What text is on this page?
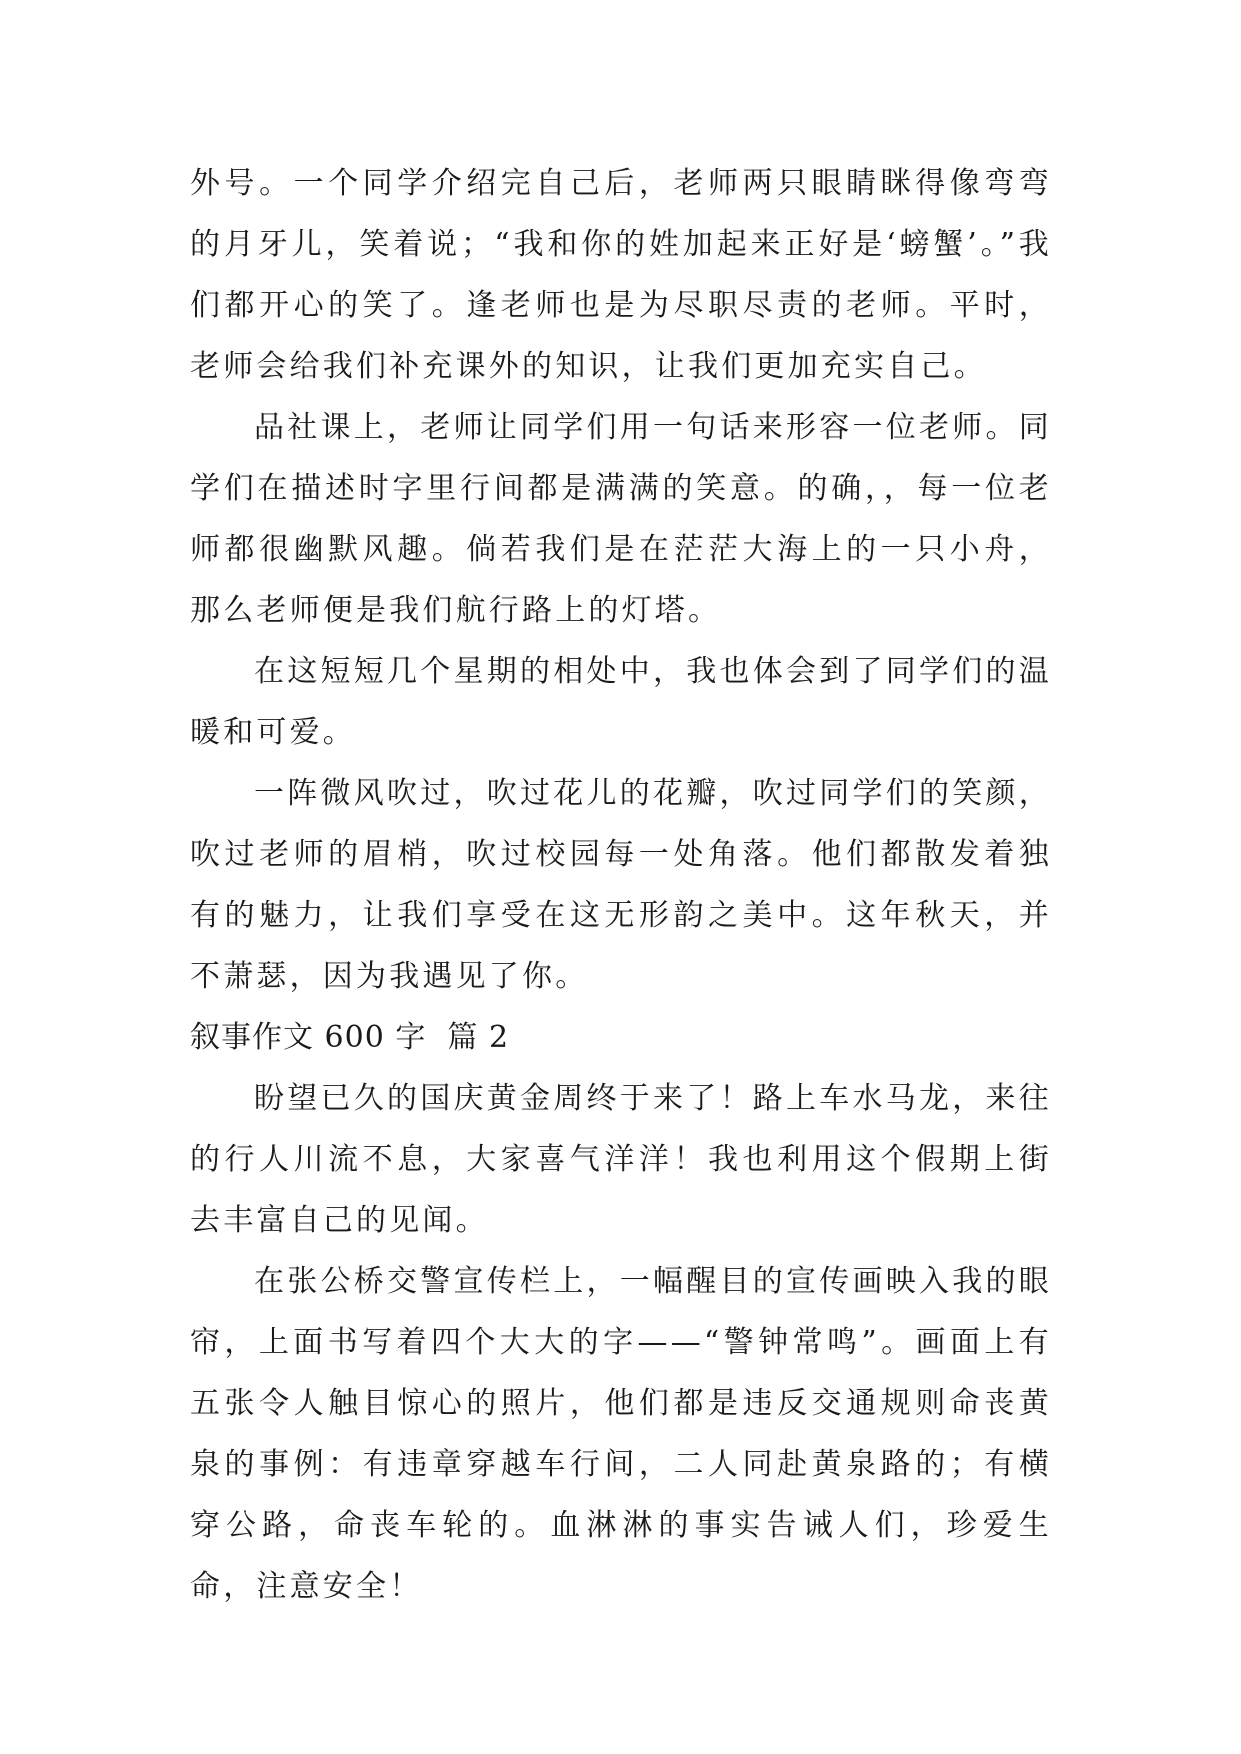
外号。一个同学介绍完自己后，老师两只眼睛眯得像弯弯的月牙儿，笑着说；“我和你的姓加起来正好是‘螃蟹’。”我们都开心的笑了。逢老师也是为尽职尽责的老师。平时，老师会给我们补充课外的知识，让我们更加充实自己。

品社课上，老师让同学们用一句话来形容一位老师。同学们在描述时字里行间都是满满的笑意。的确，，每一位老师都很幽默风趣。倘若我们是在茫茫大海上的一只小舟，那么老师便是我们航行路上的灯塔。

在这短短几个星期的相处中，我也体会到了同学们的温暖和可爱。

一阵微风吹过，吹过花儿的花瓣，吹过同学们的笑颜，吹过老师的眉梢，吹过校园每一处角落。他们都散发着独有的魅力，让我们享受在这无形韵之美中。这年秋天，并不萧瑟，因为我遇见了你。

叙事作文 600 字  篇 2

盼望已久的国庆黄金周终于来了！路上车水马龙，来往的行人川流不息，大家喜气洋洋！我也利用这个假期上街去丰富自己的见闻。

在张公桥交警宣传栏上，一幅醒目的宣传画映入我的眼帘，上面书写着四个大大的字——“警钟常鸣”。画面上有五张令人触目惊心的照片，他们都是违反交通规则命丧黄泉的事例：有违章穿越车行间，二人同赴黄泉路的；有横穿公路，命丧车轮的。血淋淋的事实告诫人们，珍爱生命，注意安全！
